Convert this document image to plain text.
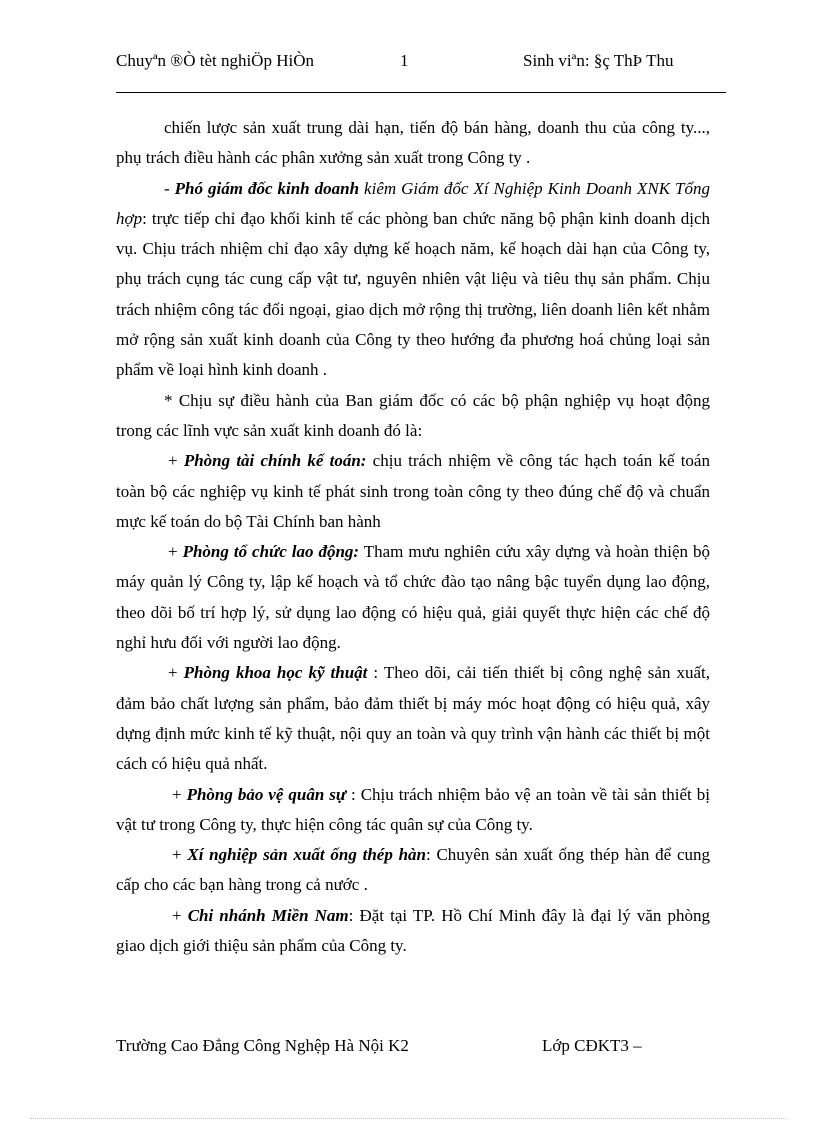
Chuyªn ®Ò tèt nghiÖp HiÒn	1	Sinh viªn: §ç ThÞ Thu

chiến lược sản xuất trung dài hạn, tiến độ bán hàng, doanh thu của công ty..., phụ trách điều hành các phân xưởng sản xuất trong Công ty .

- Phó giám đốc kinh doanh kiêm Giám đốc Xí Nghiệp Kinh Doanh XNK Tổng hợp: trực tiếp chỉ đạo khối kinh tế các phòng ban chức năng bộ phận kinh doanh dịch vụ. Chịu trách nhiệm chỉ đạo xây dựng kế hoạch năm, kế hoạch dài hạn của Công ty, phụ trách cụng tác cung cấp vật tư, nguyên nhiên vật liệu và tiêu thụ sản phẩm. Chịu trách nhiệm công tác đối ngoại, giao dịch mở rộng thị trường, liên doanh liên kết nhằm mở rộng sản xuất kinh doanh của Công ty theo hướng đa phương hoá chủng loại sản phẩm về loại hình kinh doanh .

* Chịu sự điều hành của Ban giám đốc có các bộ phận nghiệp vụ hoạt động trong các lĩnh vực sản xuất kinh doanh đó là:

+ Phòng tài chính kế toán: chịu trách nhiệm về công tác hạch toán kế toán toàn bộ các nghiệp vụ kinh tế phát sinh trong toàn công ty theo đúng chế độ và chuẩn mực kế toán do bộ Tài Chính ban hành

+ Phòng tổ chức lao động: Tham mưu nghiên cứu xây dựng và hoàn thiện bộ máy quản lý Công ty, lập kế hoạch và tổ chức đào tạo nâng bậc tuyển dụng lao động, theo dõi bố trí hợp lý, sử dụng lao động có hiệu quả, giải quyết thực hiện các chế độ nghỉ hưu đối với người lao động.

+ Phòng khoa học kỹ thuật : Theo dõi, cải tiến thiết bị công nghệ sản xuất, đảm bảo chất lượng sản phẩm, bảo đảm thiết bị máy móc hoạt động có hiệu quả, xây dựng định mức kinh tế kỹ thuật, nội quy an toàn và quy trình vận hành các thiết bị một cách có hiệu quả nhất.

+ Phòng bảo vệ quân sự : Chịu trách nhiệm bảo vệ an toàn về tài sản thiết bị vật tư trong Công ty, thực hiện công tác quân sự của Công ty.

+ Xí nghiệp sản xuất ống thép hàn: Chuyên sản xuất ống thép hàn để cung cấp cho các bạn hàng trong cả nước .

+ Chi nhánh Miền Nam: Đặt tại TP. Hồ Chí Minh đây là đại lý văn phòng giao dịch giới thiệu sản phẩm của Công ty.

Trường Cao Đẳng Công Nghệp Hà Nội K2	Lớp CĐKT3 –
